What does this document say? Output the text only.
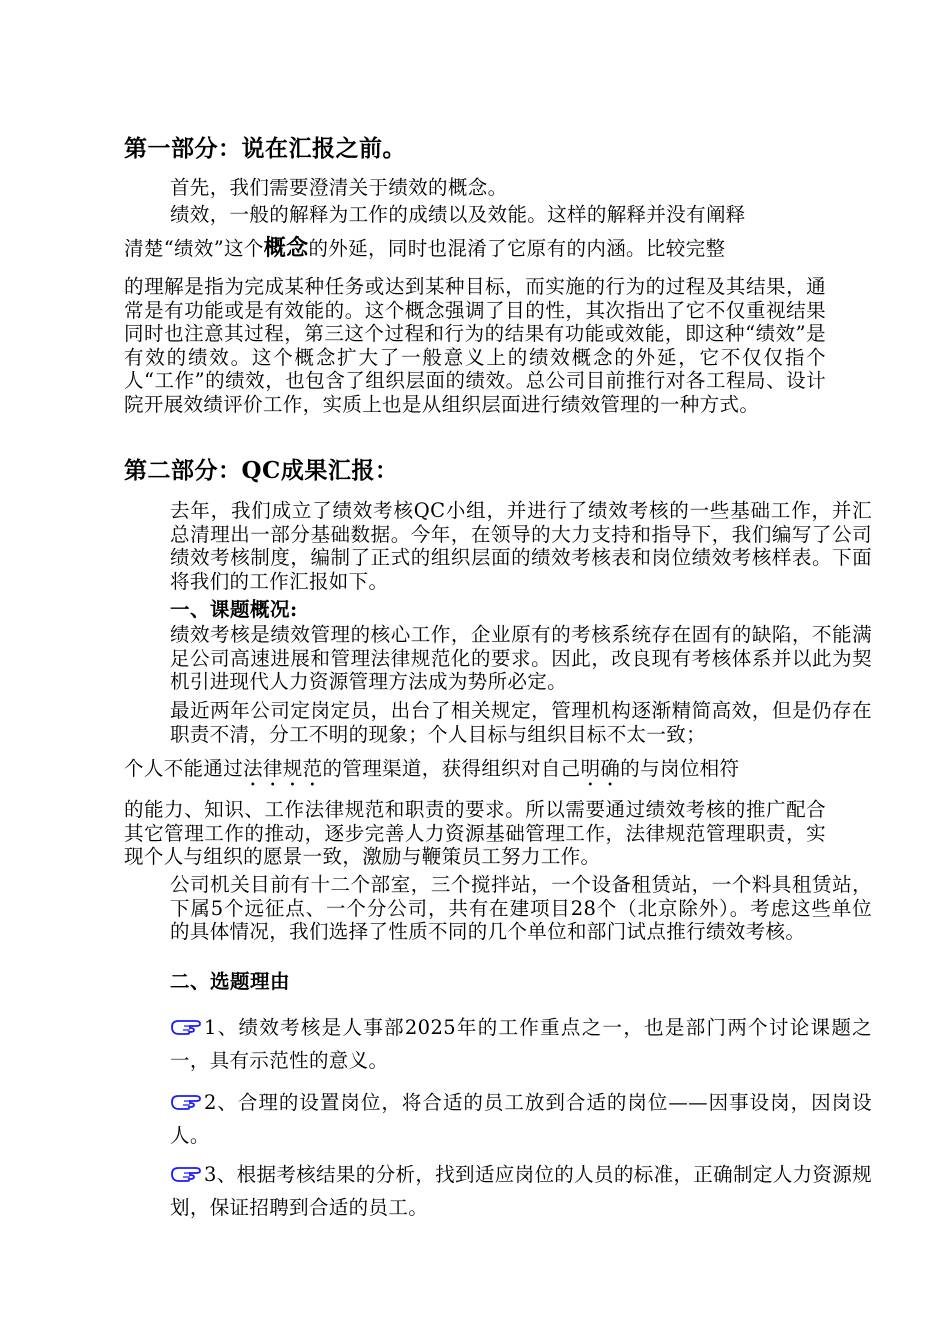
第一部分：说在汇报之前。
首先，我们需要澄清关于绩效的概念。
绩效，一般的解释为工作的成绩以及效能。这样的解释并没有阐释
清楚“绩效”这个概念的外延，同时也混淆了它原有的内涵。比较完整
的理解是指为完成某种任务或达到某种目标，而实施的行为的过程及其结果，通常是有功能或是有效能的。这个概念强调了目的性，其次指出了它不仅重视结果同时也注意其过程，第三这个过程和行为的结果有功能或效能，即这种“绩效”是有效的绩效。这个概念扩大了一般意义上的绩效概念的外延，它不仅仅指个人“工作”的绩效，也包含了组织层面的绩效。总公司目前推行对各工程局、设计院开展效绩评价工作，实质上也是从组织层面进行绩效管理的一种方式。
第二部分：QC成果汇报：
去年，我们成立了绩效考核QC小组，并进行了绩效考核的一些基础工作，并汇总清理出一部分基础数据。今年，在领导的大力支持和指导下，我们编写了公司绩效考核制度，编制了正式的组织层面的绩效考核表和岗位绩效考核样表。下面将我们的工作汇报如下。
一、课题概况:
绩效考核是绩效管理的核心工作，企业原有的考核系统存在固有的缺陷，不能满足公司高速进展和管理法律规范化的要求。因此，改良现有考核体系并以此为契机引进现代人力资源管理方法成为势所必定。
最近两年公司定岗定员，出台了相关规定，管理机构逐渐精简高效，但是仍存在职责不清，分工不明的现象；个人目标与组织目标不太一致；
个人不能通过法律规范的管理渠道，获得组织对自己明确的与岗位相符
的能力、知识、工作法律规范和职责的要求。所以需要通过绩效考核的推广配合其它管理工作的推动，逐步完善人力资源基础管理工作，法律规范管理职责，实现个人与组织的愿景一致，激励与鞭策员工努力工作。
公司机关目前有十二个部室，三个搅拌站，一个设备租赁站，一个料具租赁站，下属5个远征点、一个分公司，共有在建项目28个（北京除外）。考虑这些单位的具体情况，我们选择了性质不同的几个单位和部门试点推行绩效考核。
二、选题理由
1、绩效考核是人事部2025年的工作重点之一，也是部门两个讨论课题之一，具有示范性的意义。
2、合理的设置岗位，将合适的员工放到合适的岗位——因事设岗，因岗设人。
3、根据考核结果的分析，找到适应岗位的人员的标准，正确制定人力资源规划，保证招聘到合适的员工。
